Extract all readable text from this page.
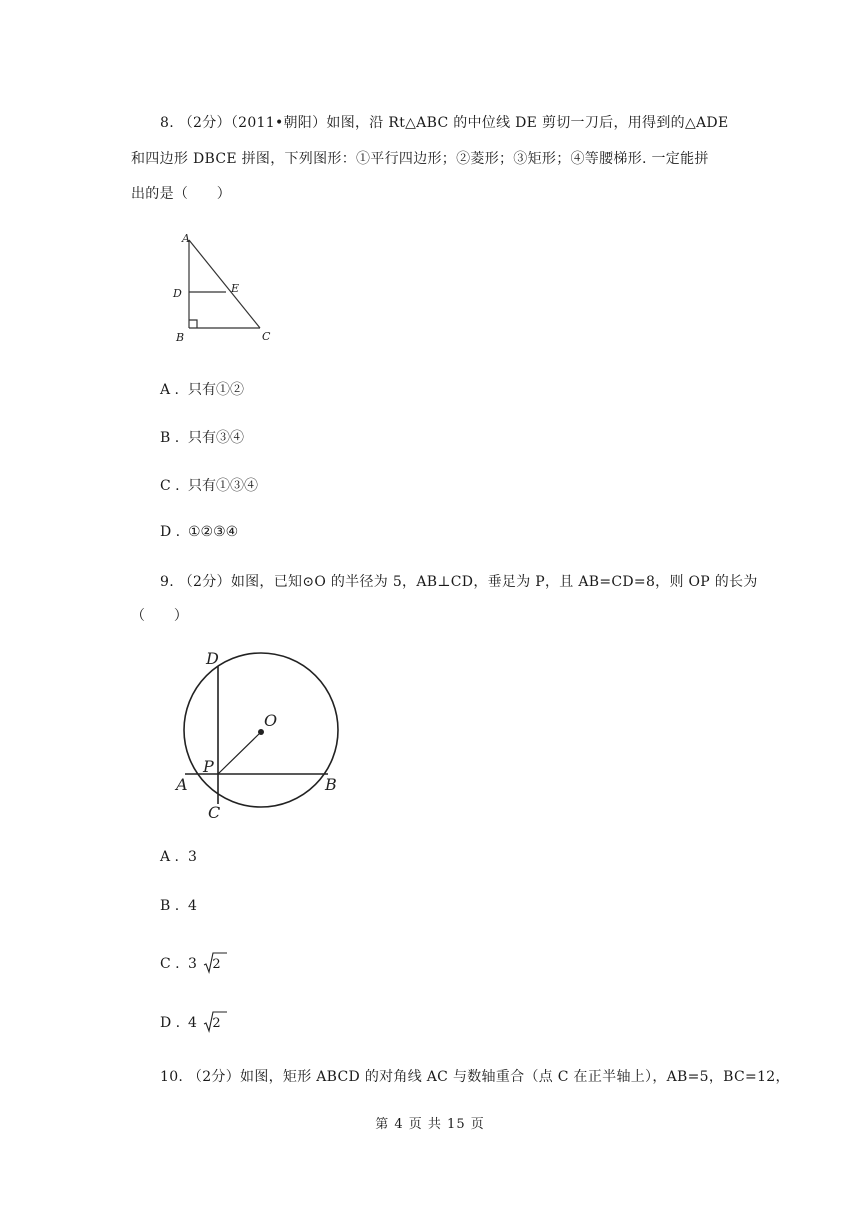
8. （2分）（2011•朝阳）如图，沿 Rt△ABC 的中位线 DE 剪切一刀后，用得到的△ADE
和四边形 DBCE 拼图，下列图形：①平行四边形；②菱形；③矩形；④等腰梯形. 一定能拼
出的是（　　）
A
D	E
B	C
A . 只有①②
B . 只有③④
C . 只有①③④
D . ①②③④
9. （2分）如图，已知⊙O 的半径为 5，AB⊥CD，垂足为 P，且 AB=CD=8，则 OP 的长为
（　　）
D
O
P
A	B
C
A . 3
B . 4
C . 3 2
D . 4 2
10. （2分）如图，矩形 ABCD 的对角线 AC 与数轴重合（点 C 在正半轴上），AB=5，BC=12，
第 4 页 共 15 页
